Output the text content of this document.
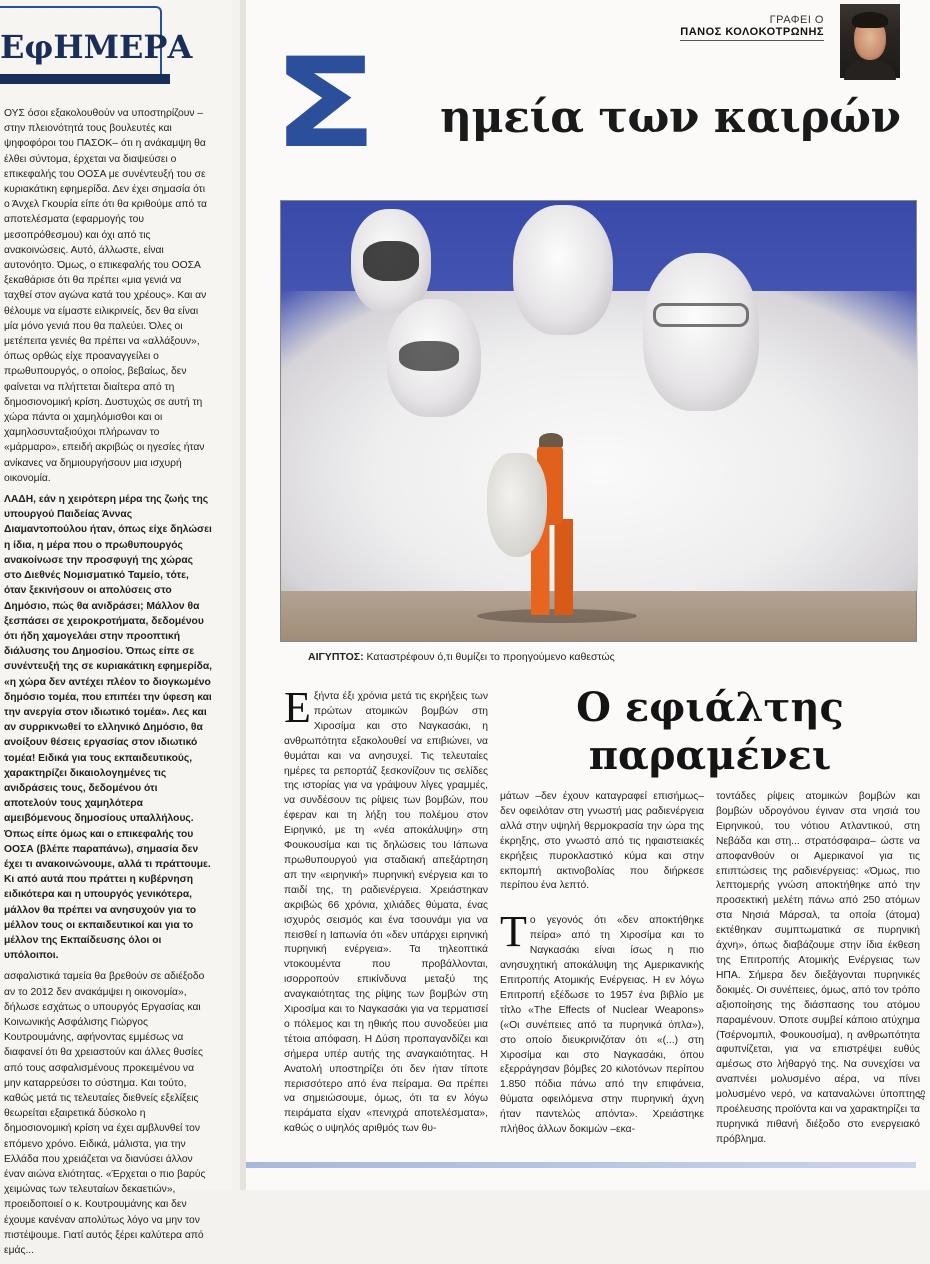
ΕφΗΜΕΡΑ

ΟΥΣ όσοι εξακολουθούν να υποστηρίζουν –στην πλειονότητά τους βουλευτές και ψηφοφόροι του ΠΑΣΟΚ– ότι η ανάκαμψη θα έλθει σύντομα, έρχεται να διαψεύσει ο επικεφαλής του ΟΟΣΑ με συνέντευξή του σε κυριακάτικη εφημερίδα. Δεν έχει σημασία ότι ο Άνχελ Γκουρία είπε ότι θα κριθούμε από τα αποτελέσματα (εφαρμογής του μεσοπρόθεσμου) και όχι από τις ανακοινώσεις. Αυτό, άλλωστε, είναι αυτονόητο. Όμως, ο επικεφαλής του ΟΟΣΑ ξεκαθάρισε ότι θα πρέπει «μια γενιά να ταχθεί στον αγώνα κατά του χρέους». Και αν θέλουμε να είμαστε ειλικρινείς, δεν θα είναι μία μόνο γενιά που θα παλεύει. Όλες οι μετέπειτα γενιές θα πρέπει να «αλλάξουν», όπως ορθώς είχε προαναγγείλει ο πρωθυπουργός, ο οποίος, βεβαίως, δεν φαίνεται να πλήττεται διαίτερα από τη δημοσιονομική κρίση. Δυστυχώς σε αυτή τη χώρα πάντα οι χαμηλόμισθοι και οι χαμηλοσυνταξιούχοι πλήρωναν το «μάρμαρο», επειδή ακριβώς οι ηγεσίες ήταν ανίκανες να δημιουργήσουν μια ισχυρή οικονομία.

ΛΑΔΗ, εάν η χειρότερη μέρα της ζωής της υπουργού Παιδείας Άννας Διαμαντοπούλου ήταν, όπως είχε δηλώσει η ίδια, η μέρα που ο πρωθυπουργός ανακοίνωσε την προσφυγή της χώρας στο Διεθνές Νομισματικό Ταμείο, τότε, όταν ξεκινήσουν οι απολύσεις στο Δημόσιο, πώς θα ανιδράσει; Μάλλον θα ξεσπάσει σε χειροκροτήματα, δεδομένου ότι ήδη χαμογελάει στην προοπτική διάλυσης του Δημοσίου. Όπως είπε σε συνέντευξή της σε κυριακάτικη εφημερίδα, «η χώρα δεν αντέχει πλέον το διογκωμένο δημόσιο τομέα, που επιπέει την ύφεση και την ανεργία στον ιδιωτικό τομέα». Λες και αν συρρικνωθεί το ελληνικό Δημόσιο, θα ανοίξουν θέσεις εργασίας στον ιδιωτικό τομέα! Ειδικά για τους εκπαιδευτικούς, χαρακτηρίζει δικαιολογημένες τις ανιδράσεις τους, δεδομένου ότι αποτελούν τους χαμηλότερα αμειβόμενους δημοσίους υπαλλήλους. Όπως είπε όμως και ο επικεφαλής του ΟΟΣΑ (βλέπε παραπάνω), σημασία δεν έχει τι ανακοινώνουμε, αλλά τι πράττουμε. Κι από αυτά που πράττει η κυβέρνηση ειδικότερα και η υπουργός γενικότερα, μάλλον θα πρέπει να ανησυχούν για το μέλλον τους οι εκπαιδευτικοί και για το μέλλον της Εκπαίδευσης όλοι οι υπόλοιποι.

ασφαλιστικά ταμεία θα βρεθούν σε αδιέξοδο αν το 2012 δεν ανακάμψει η οικονομία», δήλωσε εσχάτως ο υπουργός Εργασίας και Κοινωνικής Ασφάλισης Γιώργος Κουτρουμάνης, αφήνοντας εμμέσως να διαφανεί ότι θα χρειαστούν και άλλες θυσίες από τους ασφαλισμένους προκειμένου να μην καταρρεύσει το σύστημα. Και τούτο, καθώς μετά τις τελευταίες διεθνείς εξελίξεις θεωρείται εξαιρετικά δύσκολο η δημοσιονομική κρίση να έχει αμβλυνθεί τον επόμενο χρόνο. Ειδικά, μάλιστα, για την Ελλάδα που χρειάζεται να διανύσει άλλον έναν αιώνα ελιότητας. «Έρχεται ο πιο βαρύς χειμώνας των τελευταίων δεκαετιών», προειδοποιεί ο κ. Κουτρουμάνης και δεν έχουμε κανέναν απολύτως λόγο να μην τον πιστέψουμε. Γιατί αυτός ξέρει καλύτερα από εμάς...

ΓΡΑΦΕΙ Ο
ΠΑΝΟΣ ΚΟΛΟΚΟΤΡΩΝΗΣ
Σ ημεία των καιρών
ΑΙΓΥΠΤΟΣ: Καταστρέφουν ό,τι θυμίζει το προηγούμενο καθεστώς
Εξήντα έξι χρόνια μετά τις εκρήξεις των πρώτων ατομικών βομβών στη Χιροσίμα και στο Ναγκασάκι, η ανθρωπότητα εξακολουθεί να επιβιώνει, να θυμάται και να ανησυχεί. Τις τελευταίες ημέρες τα ρεπορτάζ ξεσκονίζουν τις σελίδες της ιστορίας για να γράψουν λίγες γραμμές, να συνδέσουν τις ρίψεις των βομβών, που έφεραν και τη λήξη του πολέμου στον Ειρηνικό, με τη «νέα αποκάλυψη» στη Φουκουσίμα και τις δηλώσεις του Ιάπωνα πρωθυπουργού για σταδιακή απεξάρτηση απ την «ειρηνική» πυρηνική ενέργεια και το παιδί της, τη ραδιενέργεια. Χρειάστηκαν ακριβώς 66 χρόνια, χιλιάδες θύματα, ένας ισχυρός σεισμός και ένα τσουνάμι για να πεισθεί η Ιαπωνία ότι «δεν υπάρχει ειρηνική πυρηνική ενέργεια». Τα τηλεοπτικά ντοκουμέντα που προβάλλονται, ισορροπούν επικίνδυνα μεταξύ της αναγκαιότητας της ρίψης των βομβών στη Χιροσίμα και το Ναγκασάκι για να τερματισεί ο πόλεμος και τη ηθικής που συνοδεύει μια τέτοια απόφαση. Η Δύση προπαγανδίζει και σήμερα υπέρ αυτής της αναγκαιότητας. Η Ανατολή υποστηρίζει ότι δεν ήταν τίποτε περισσότερο από ένα πείραμα. Θα πρέπει να σημειώσουμε, όμως, ότι τα εν λόγω πειράματα είχαν «πενιχρά αποτελέσματα», καθώς ο υψηλός αριθμός των θυ-
Ο εφιάλτης παραμένει
μάτων –δεν έχουν καταγραφεί επισήμως– δεν οφειλόταν στη γνωστή μας ραδιενέργεια αλλά στην υψηλή θερμοκρασία την ώρα της έκρηξης, στο γνωστό από τις ηφαιστειακές εκρήξεις πυροκλαστικό κύμα και στην εκπομπή ακτινοβολίας που διήρκεσε περίπου ένα λεπτό.
Το γεγονός ότι «δεν αποκτήθηκε πείρα» από τη Χιροσίμα και το Ναγκασάκι είναι ίσως η πιο ανησυχητική αποκάλυψη της Αμερικανικής Επιτροπής Ατομικής Ενέργειας. Η εν λόγω Επιτροπή εξέδωσε το 1957 ένα βιβλίο με τίτλο «The Effects of Nuclear Weapons» («Οι συνέπειες από τα πυρηνικά όπλα»), στο οποίο διευκρινιζόταν ότι «(...) στη Χιροσίμα και στο Ναγκασάκι, όπου εξερράγησαν βόμβες 20 κιλοτόνων περίπου 1.850 πόδια πάνω από την επιφάνεια, θύματα οφειλόμενα στην πυρηνική άχνη ήταν παντελώς απόντα». Χρειάστηκε πλήθος άλλων δοκιμών –εκα-
τοντάδες ρίψεις ατομικών βομβών και βομβών υδρογόνου έγιναν στα νησιά του Ειρηνικού, του νότιου Ατλαντικού, στη Νεβάδα και στη... στρατόσφαιρα– ώστε να αποφανθούν οι Αμερικανοί για τις επιπτώσεις της ραδιενέργειας: «Όμως, πιο λεπτομερής γνώση αποκτήθηκε από την προσεκτική μελέτη πάνω από 250 ατόμων στα Νησιά Μάρσαλ, τα οποία (άτομα) εκτέθηκαν συμπτωματικά σε πυρηνική άχνη», όπως διαβάζουμε στην ίδια έκθεση της Επιτροπής Ατομικής Ενέργειας των ΗΠΑ. Σήμερα δεν διεξάγονται πυρηνικές δοκιμές. Οι συνέπειες, όμως, από τον τρόπο αξιοποίησης της διάσπασης του ατόμου παραμένουν. Όποτε συμβεί κάποιο ατύχημα (Τσέρνομπιλ, Φουκουσίμα), η ανθρωπότητα αφυπνίζεται, για να επιστρέψει ευθύς αμέσως στο λήθαργό της. Να συνεχίσει να αναπνέει μολυσμένο αέρα, να πίνει μολυσμένο νερό, να καταναλώνει ύποπτης προέλευσης προϊόντα και να χαρακτηρίζει τα πυρηνικά πιθανή διέξοδο στο ενεργειακό πρόβλημα.
45
